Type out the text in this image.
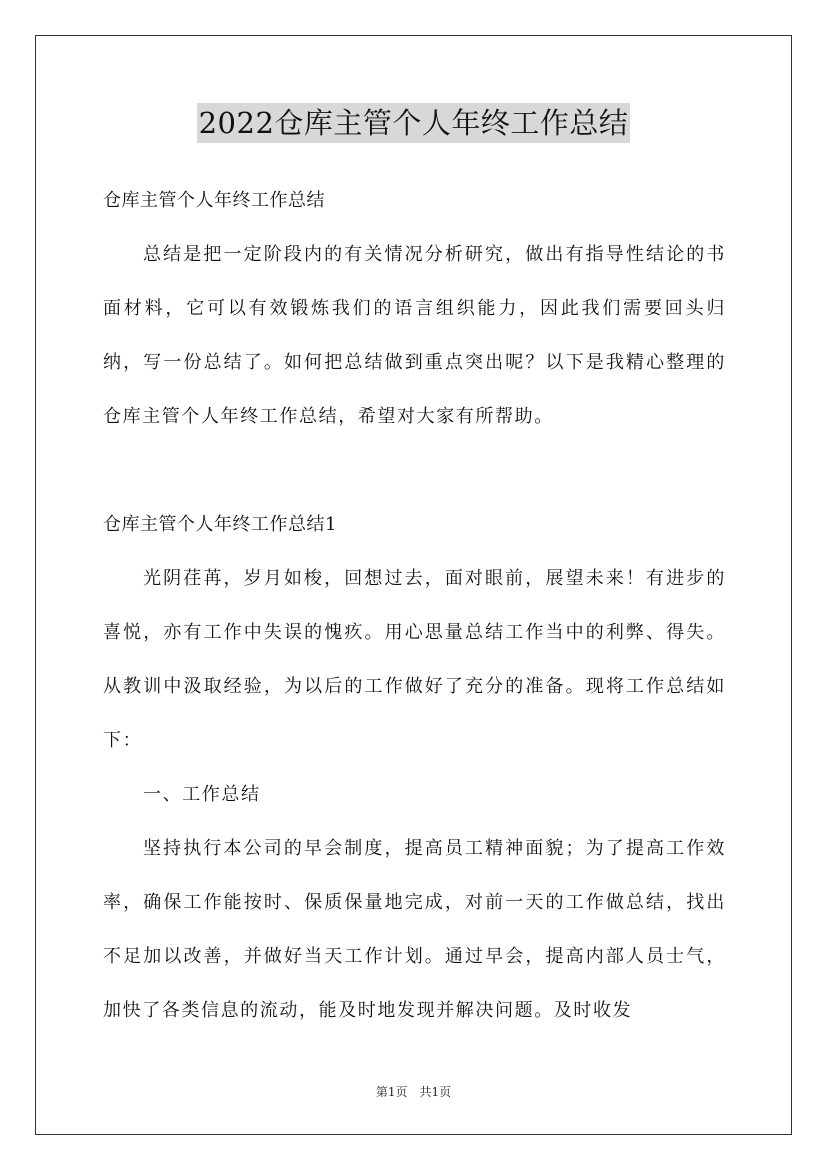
2022仓库主管个人年终工作总结

仓库主管个人年终工作总结

总结是把一定阶段内的有关情况分析研究，做出有指导性结论的书面材料，它可以有效锻炼我们的语言组织能力，因此我们需要回头归纳，写一份总结了。如何把总结做到重点突出呢？以下是我精心整理的仓库主管个人年终工作总结，希望对大家有所帮助。

仓库主管个人年终工作总结1

光阴荏苒，岁月如梭，回想过去，面对眼前，展望未来！有进步的喜悦，亦有工作中失误的愧疚。用心思量总结工作当中的利弊、得失。从教训中汲取经验，为以后的工作做好了充分的准备。现将工作总结如下：

一、工作总结

坚持执行本公司的早会制度，提高员工精神面貌；为了提高工作效率，确保工作能按时、保质保量地完成，对前一天的工作做总结，找出不足加以改善，并做好当天工作计划。通过早会，提高内部人员士气，加快了各类信息的流动，能及时地发现并解决问题。及时收发

第1页 共1页
